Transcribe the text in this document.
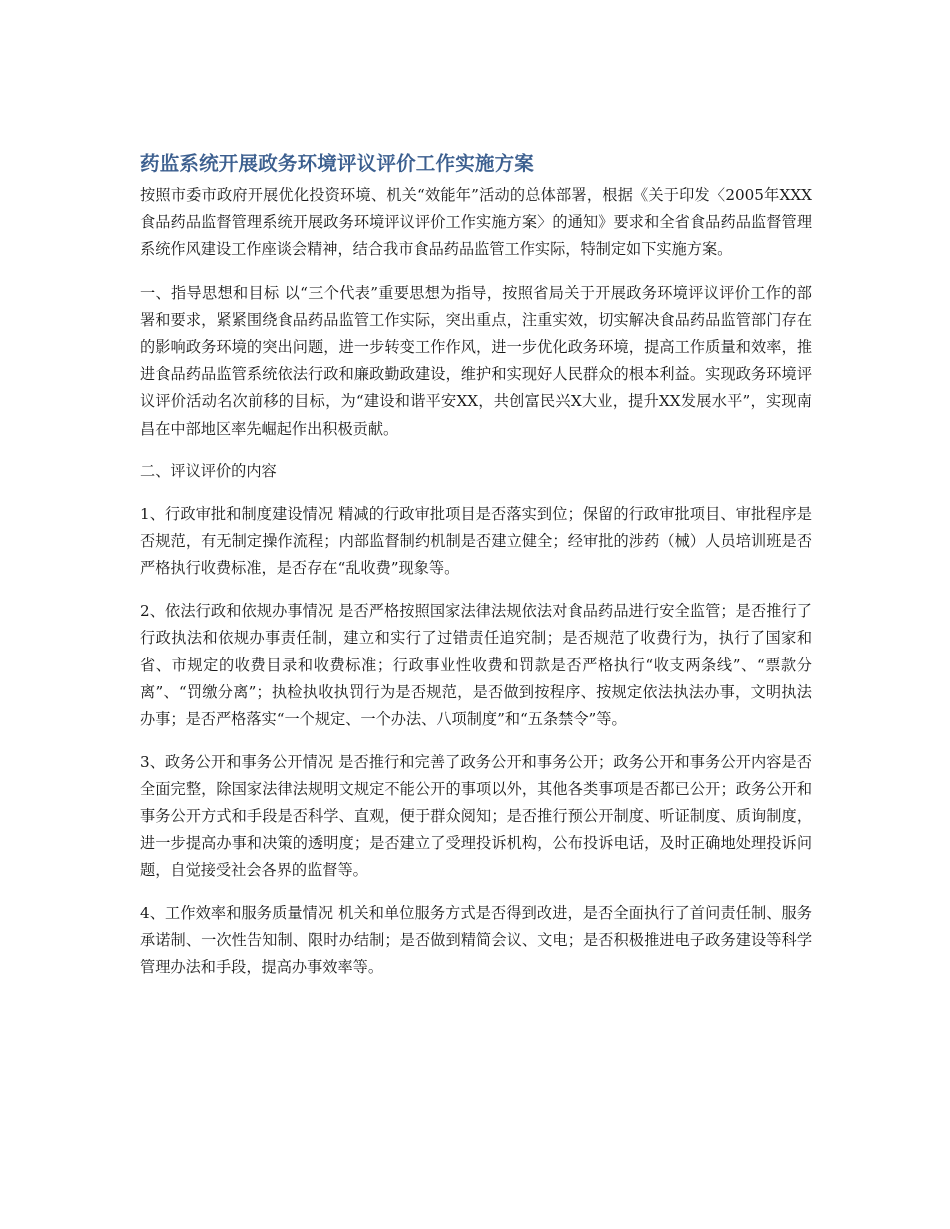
药监系统开展政务环境评议评价工作实施方案

按照市委市政府开展优化投资环境、机关“效能年”活动的总体部署，根据《关于印发〈2005年XXX食品药品监督管理系统开展政务环境评议评价工作实施方案〉的通知》要求和全省食品药品监督管理系统作风建设工作座谈会精神，结合我市食品药品监管工作实际，特制定如下实施方案。

一、指导思想和目标 以“三个代表”重要思想为指导，按照省局关于开展政务环境评议评价工作的部署和要求，紧紧围绕食品药品监管工作实际，突出重点，注重实效，切实解决食品药品监管部门存在的影响政务环境的突出问题，进一步转变工作作风，进一步优化政务环境，提高工作质量和效率，推进食品药品监管系统依法行政和廉政勤政建设，维护和实现好人民群众的根本利益。实现政务环境评议评价活动名次前移的目标，为“建设和谐平安XX，共创富民兴X大业，提升XX发展水平”，实现南昌在中部地区率先崛起作出积极贡献。

二、评议评价的内容

1、行政审批和制度建设情况 精减的行政审批项目是否落实到位；保留的行政审批项目、审批程序是否规范，有无制定操作流程；内部监督制约机制是否建立健全；经审批的涉药（械）人员培训班是否严格执行收费标准，是否存在“乱收费”现象等。

2、依法行政和依规办事情况 是否严格按照国家法律法规依法对食品药品进行安全监管；是否推行了行政执法和依规办事责任制，建立和实行了过错责任追究制；是否规范了收费行为，执行了国家和省、市规定的收费目录和收费标准；行政事业性收费和罚款是否严格执行“收支两条线”、“票款分离”、“罚缴分离”；执检执收执罚行为是否规范，是否做到按程序、按规定依法执法办事，文明执法办事；是否严格落实“一个规定、一个办法、八项制度”和“五条禁令”等。

3、政务公开和事务公开情况 是否推行和完善了政务公开和事务公开；政务公开和事务公开内容是否全面完整，除国家法律法规明文规定不能公开的事项以外，其他各类事项是否都已公开；政务公开和事务公开方式和手段是否科学、直观，便于群众阅知；是否推行预公开制度、听证制度、质询制度，进一步提高办事和决策的透明度；是否建立了受理投诉机构，公布投诉电话，及时正确地处理投诉问题，自觉接受社会各界的监督等。

4、工作效率和服务质量情况 机关和单位服务方式是否得到改进，是否全面执行了首问责任制、服务承诺制、一次性告知制、限时办结制；是否做到精简会议、文电；是否积极推进电子政务建设等科学管理办法和手段，提高办事效率等。
